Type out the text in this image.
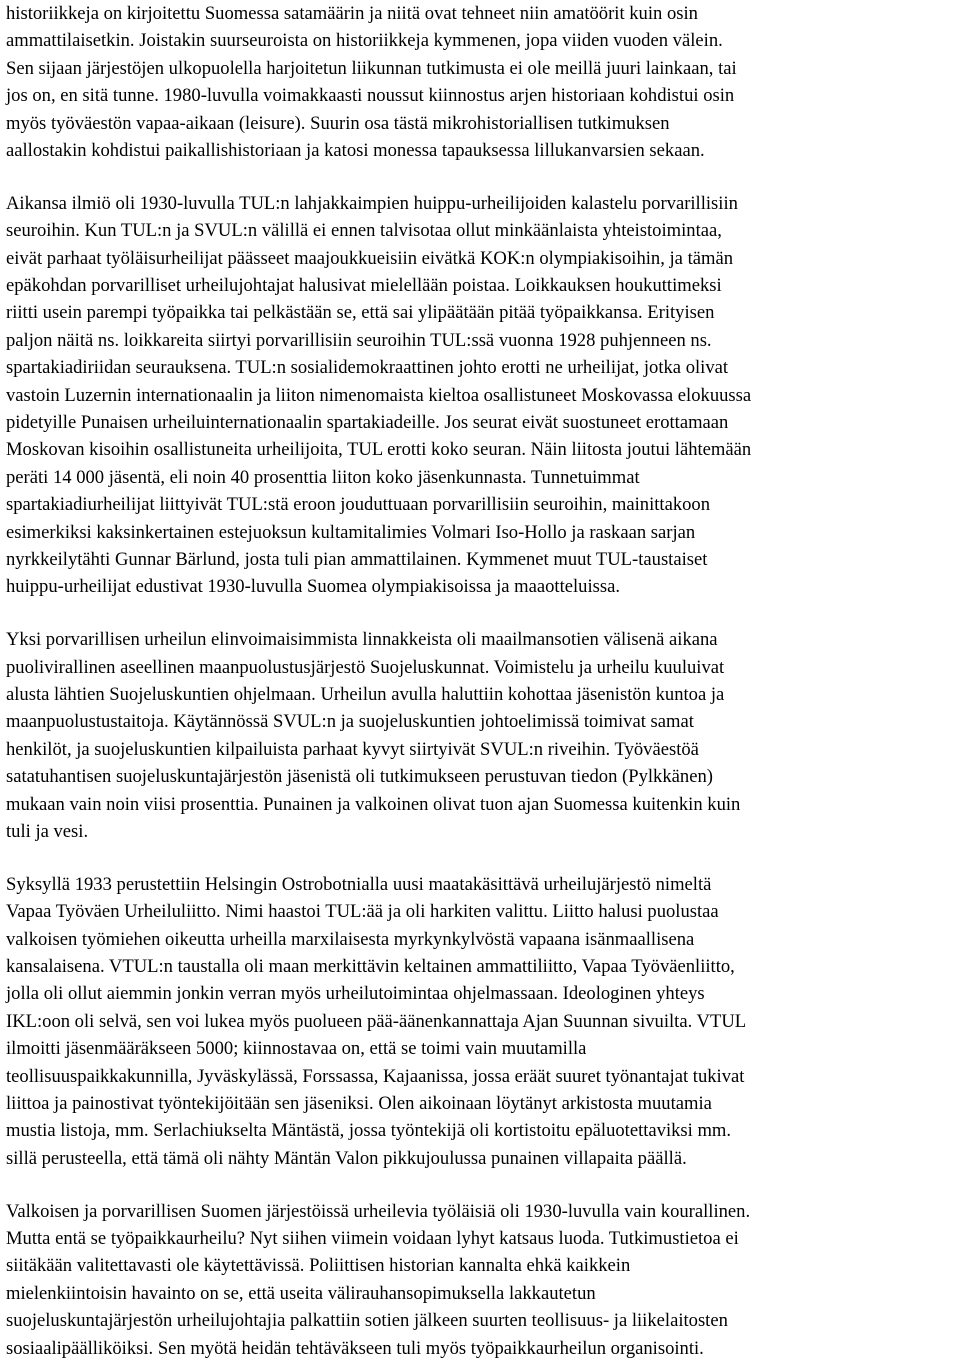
historiikkeja on kirjoitettu Suomessa satamäärin ja niitä ovat tehneet niin amatöörit kuin osin
ammattilaisetkin. Joistakin suurseuroista on historiikkeja kymmenen, jopa viiden vuoden välein.
Sen sijaan järjestöjen ulkopuolella harjoitetun liikunnan tutkimusta ei ole meillä juuri lainkaan, tai
jos on, en sitä tunne. 1980-luvulla voimakkaasti noussut kiinnostus arjen historiaan kohdistui osin
myös työväestön vapaa-aikaan (leisure). Suurin osa tästä mikrohistoriallisen tutkimuksen
aallostakin kohdistui paikallishistoriaan ja katosi monessa tapauksessa lillukanvarsien sekaan.
Aikansa ilmiö oli 1930-luvulla TUL:n lahjakkaimpien huippu-urheilijoiden kalastelu porvarillisiin
seuroihin. Kun TUL:n ja SVUL:n välillä ei ennen talvisotaa ollut minkäänlaista yhteistoimintaa,
eivät parhaat työläisurheilijat päässeet maajoukkueisiin eivätkä KOK:n olympiakisoihin, ja tämän
epäkohdan porvarilliset urheilujohtajat halusivat mielellään poistaa. Loikkauksen houkuttimeksi
riitti usein parempi työpaikka tai pelkästään se, että sai ylipäätään pitää työpaikkansa. Erityisen
paljon näitä ns. loikkareita siirtyi porvarillisiin seuroihin TUL:ssä vuonna 1928 puhjenneen ns.
spartakiadiriidan seurauksena. TUL:n sosialidemokraattinen johto erotti ne urheilijat, jotka olivat
vastoin Luzernin internationaalin ja liiton nimenomaista kieltoa osallistuneet Moskovassa elokuussa
pidetyille Punaisen urheiluinternationaalin spartakiadeille. Jos seurat eivät suostuneet erottamaan
Moskovan kisoihin osallistuneita urheilijoita, TUL erotti koko seuran. Näin liitosta joutui lähtemään
peräti 14 000 jäsentä, eli noin 40 prosenttia liiton koko jäsenkunnasta. Tunnetuimmat
spartakiadiurheilijat liittyivät TUL:stä eroon jouduttuaan porvarillisiin seuroihin, mainittakoon
esimerkiksi kaksinkertainen estejuoksun kultamitalimies Volmari Iso-Hollo ja raskaan sarjan
nyrkkeilytähti Gunnar Bärlund, josta tuli pian ammattilainen. Kymmenet muut TUL-taustaiset
huippu-urheilijat edustivat 1930-luvulla Suomea olympiakisoissa ja maaotteluissa.
Yksi porvarillisen urheilun elinvoimaisimmista linnakkeista oli maailmansotien välisenä aikana
puolivirallinen aseellinen maanpuolustusjärjestö Suojeluskunnat. Voimistelu ja urheilu kuuluivat
alusta lähtien Suojeluskuntien ohjelmaan. Urheilun avulla haluttiin kohottaa jäsenistön kuntoa ja
maanpuolustustaitoja. Käytännössä SVUL:n ja suojeluskuntien johtoelimissä toimivat samat
henkilöt, ja suojeluskuntien kilpailuista parhaat kyvyt siirtyivät SVUL:n riveihin. Työväestöä
satatuhantisen suojeluskuntajärjestön jäsenistä oli tutkimukseen perustuvan tiedon (Pylkkänen)
mukaan vain noin viisi prosenttia. Punainen ja valkoinen olivat tuon ajan Suomessa kuitenkin kuin
tuli ja vesi.
Syksyllä 1933 perustettiin Helsingin Ostrobotnialla uusi maatakäsittävä urheilujärjestö nimeltä
Vapaa Työväen Urheiluliitto. Nimi haastoi TUL:ää ja oli harkiten valittu. Liitto halusi puolustaa
valkoisen työmiehen oikeutta urheilla marxilaisesta myrkynkylvöstä vapaana isänmaallisena
kansalaisena. VTUL:n taustalla oli maan merkittävin keltainen ammattiliitto, Vapaa Työväenliitto,
jolla oli ollut aiemmin jonkin verran myös urheilutoimintaa ohjelmassaan. Ideologinen yhteys
IKL:oon oli selvä, sen voi lukea myös puolueen pää-äänenkannattaja Ajan Suunnan sivuilta. VTUL
ilmoitti jäsenmääräkseen 5000; kiinnostavaa on, että se toimi vain muutamilla
teollisuuspaikkakunnilla, Jyväskylässä, Forssassa, Kajaanissa, jossa eräät suuret työnantajat tukivat
liittoa ja painostivat työntekijöitään sen jäseniksi. Olen aikoinaan löytänyt arkistosta muutamia
mustia listoja, mm. Serlachiukselta Mäntästä, jossa työntekijä oli kortistoitu epäluotettaviksi mm.
sillä perusteella, että tämä oli nähty Mäntän Valon pikkujoulussa punainen villapaita päällä.
Valkoisen ja porvarillisen Suomen järjestöissä urheilevia työläisiä oli 1930-luvulla vain kourallinen.
Mutta entä se työpaikkaurheilu? Nyt siihen viimein voidaan lyhyt katsaus luoda. Tutkimustietoa ei
siitäkään valitettavasti ole käytettävissä. Poliittisen historian kannalta ehkä kaikkein
mielenkiintoisin havainto on se, että useita välirauhansopimuksella lakkautetun
suojeluskuntajärjestön urheilujohtajia palkattiin sotien jälkeen suurten teollisuus- ja liikelaitosten
sosiaalipäälliköiksi. Sen myötä heidän tehtäväkseen tuli myös työpaikkaurheilun organisointi.
